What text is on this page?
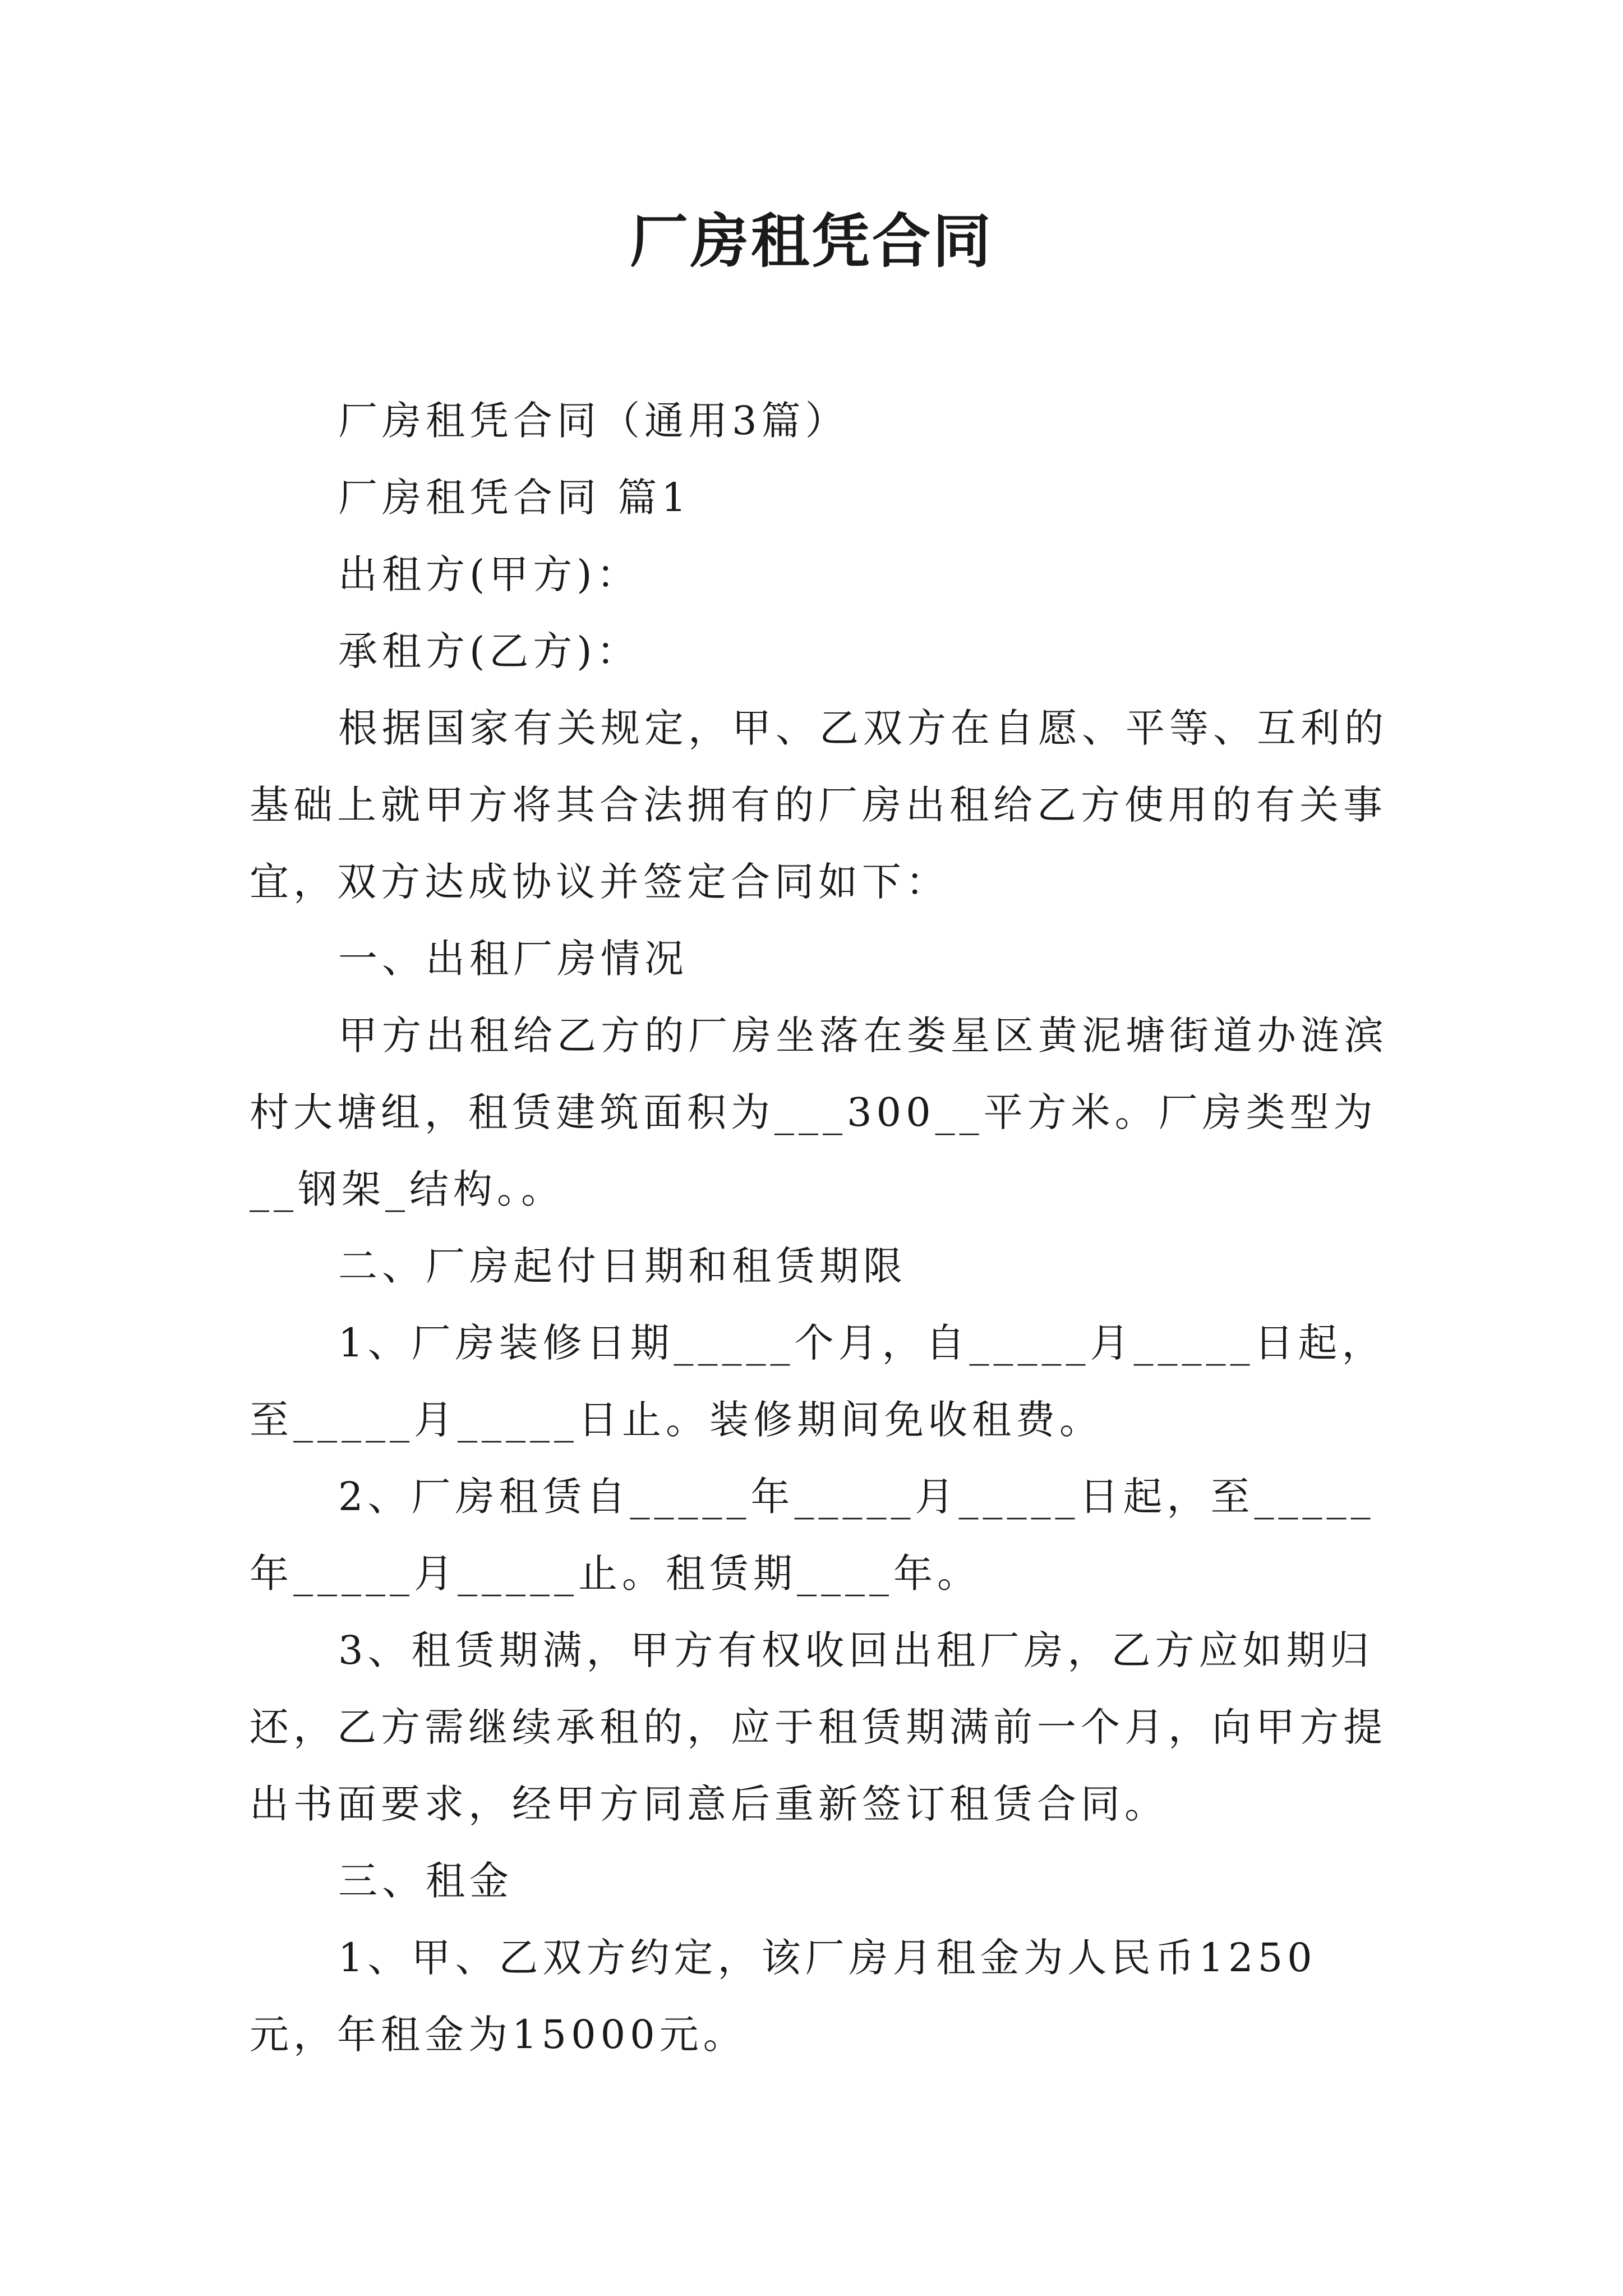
厂房租凭合同

厂房租凭合同（通用3篇）

厂房租凭合同 篇1

出租方(甲方)：

承租方(乙方)：

根据国家有关规定，甲、乙双方在自愿、平等、互利的基础上就甲方将其合法拥有的厂房出租给乙方使用的有关事宜，双方达成协议并签定合同如下：

一、出租厂房情况

甲方出租给乙方的厂房坐落在娄星区黄泥塘街道办涟滨村大塘组，租赁建筑面积为___300__平方米。厂房类型为__钢架_结构。。

二、厂房起付日期和租赁期限

1、厂房装修日期_____个月，自_____月_____日起，至_____月_____日止。装修期间免收租费。

2、厂房租赁自_____年_____月_____日起，至_____年_____月_____止。租赁期____年。

3、租赁期满，甲方有权收回出租厂房，乙方应如期归还，乙方需继续承租的，应于租赁期满前一个月，向甲方提出书面要求，经甲方同意后重新签订租赁合同。

三、租金

1、甲、乙双方约定，该厂房月租金为人民币1250元，年租金为15000元。
